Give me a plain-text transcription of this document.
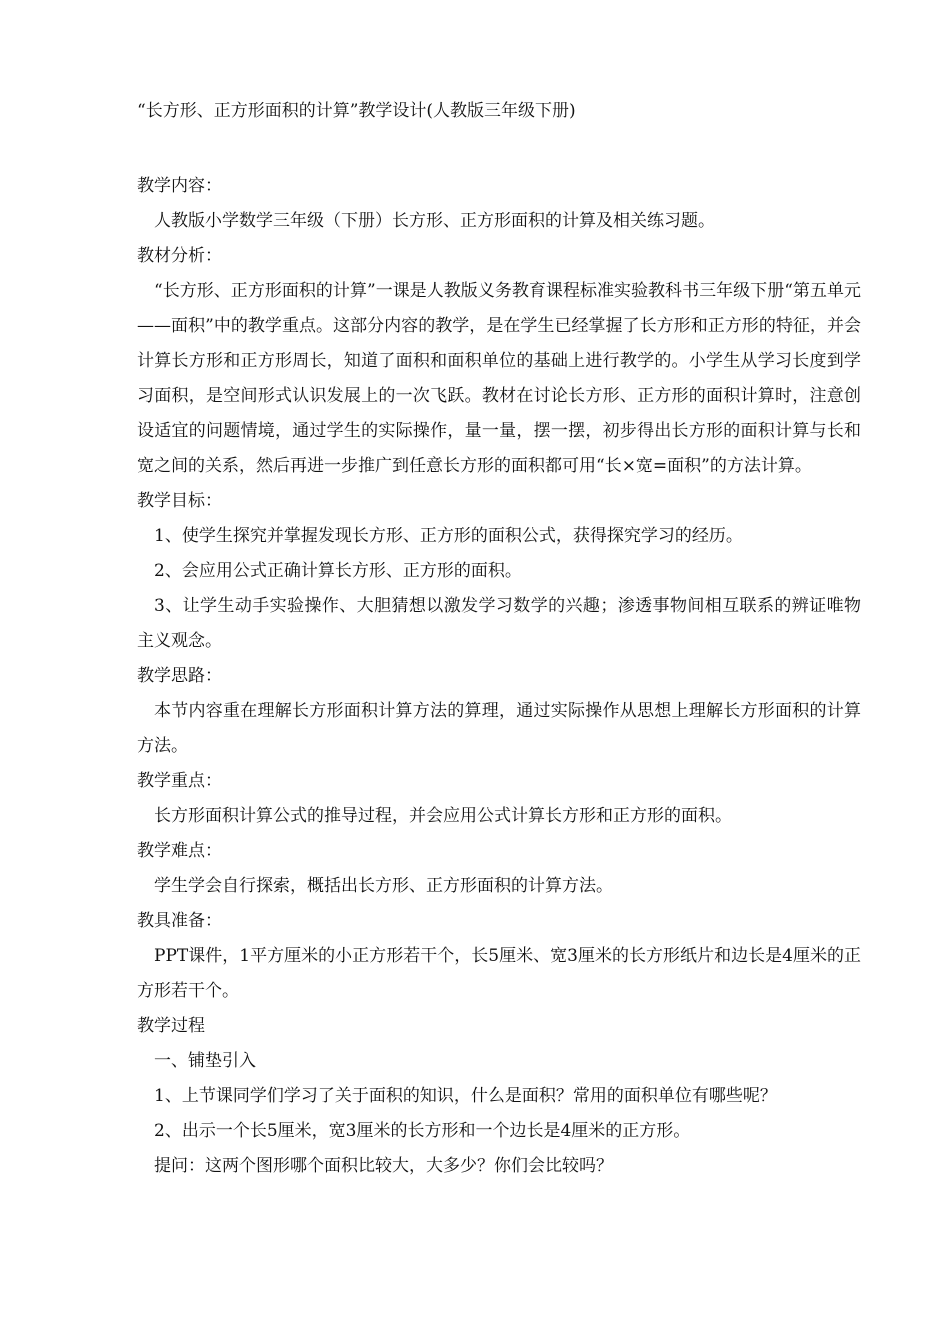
“长方形、正方形面积的计算”教学设计(人教版三年级下册)

教学内容：

人教版小学数学三年级（下册）长方形、正方形面积的计算及相关练习题。

教材分析：

“长方形、正方形面积的计算”一课是人教版义务教育课程标准实验教科书三年级下册“第五单元——面积”中的教学重点。这部分内容的教学，是在学生已经掌握了长方形和正方形的特征，并会计算长方形和正方形周长，知道了面积和面积单位的基础上进行教学的。小学生从学习长度到学习面积，是空间形式认识发展上的一次飞跃。教材在讨论长方形、正方形的面积计算时，注意创设适宜的问题情境，通过学生的实际操作，量一量，摆一摆，初步得出长方形的面积计算与长和宽之间的关系，然后再进一步推广到任意长方形的面积都可用“长×宽=面积”的方法计算。

教学目标：

1、使学生探究并掌握发现长方形、正方形的面积公式，获得探究学习的经历。

2、会应用公式正确计算长方形、正方形的面积。

3、让学生动手实验操作、大胆猜想以激发学习数学的兴趣；渗透事物间相互联系的辨证唯物主义观念。

教学思路：

本节内容重在理解长方形面积计算方法的算理，通过实际操作从思想上理解长方形面积的计算方法。

教学重点：

长方形面积计算公式的推导过程，并会应用公式计算长方形和正方形的面积。

教学难点：

学生学会自行探索，概括出长方形、正方形面积的计算方法。

教具准备：

PPT课件，1平方厘米的小正方形若干个，长5厘米、宽3厘米的长方形纸片和边长是4厘米的正方形若干个。

教学过程

一、铺垫引入

1、上节课同学们学习了关于面积的知识，什么是面积？常用的面积单位有哪些呢？

2、出示一个长5厘米，宽3厘米的长方形和一个边长是4厘米的正方形。

提问：这两个图形哪个面积比较大，大多少？你们会比较吗？
